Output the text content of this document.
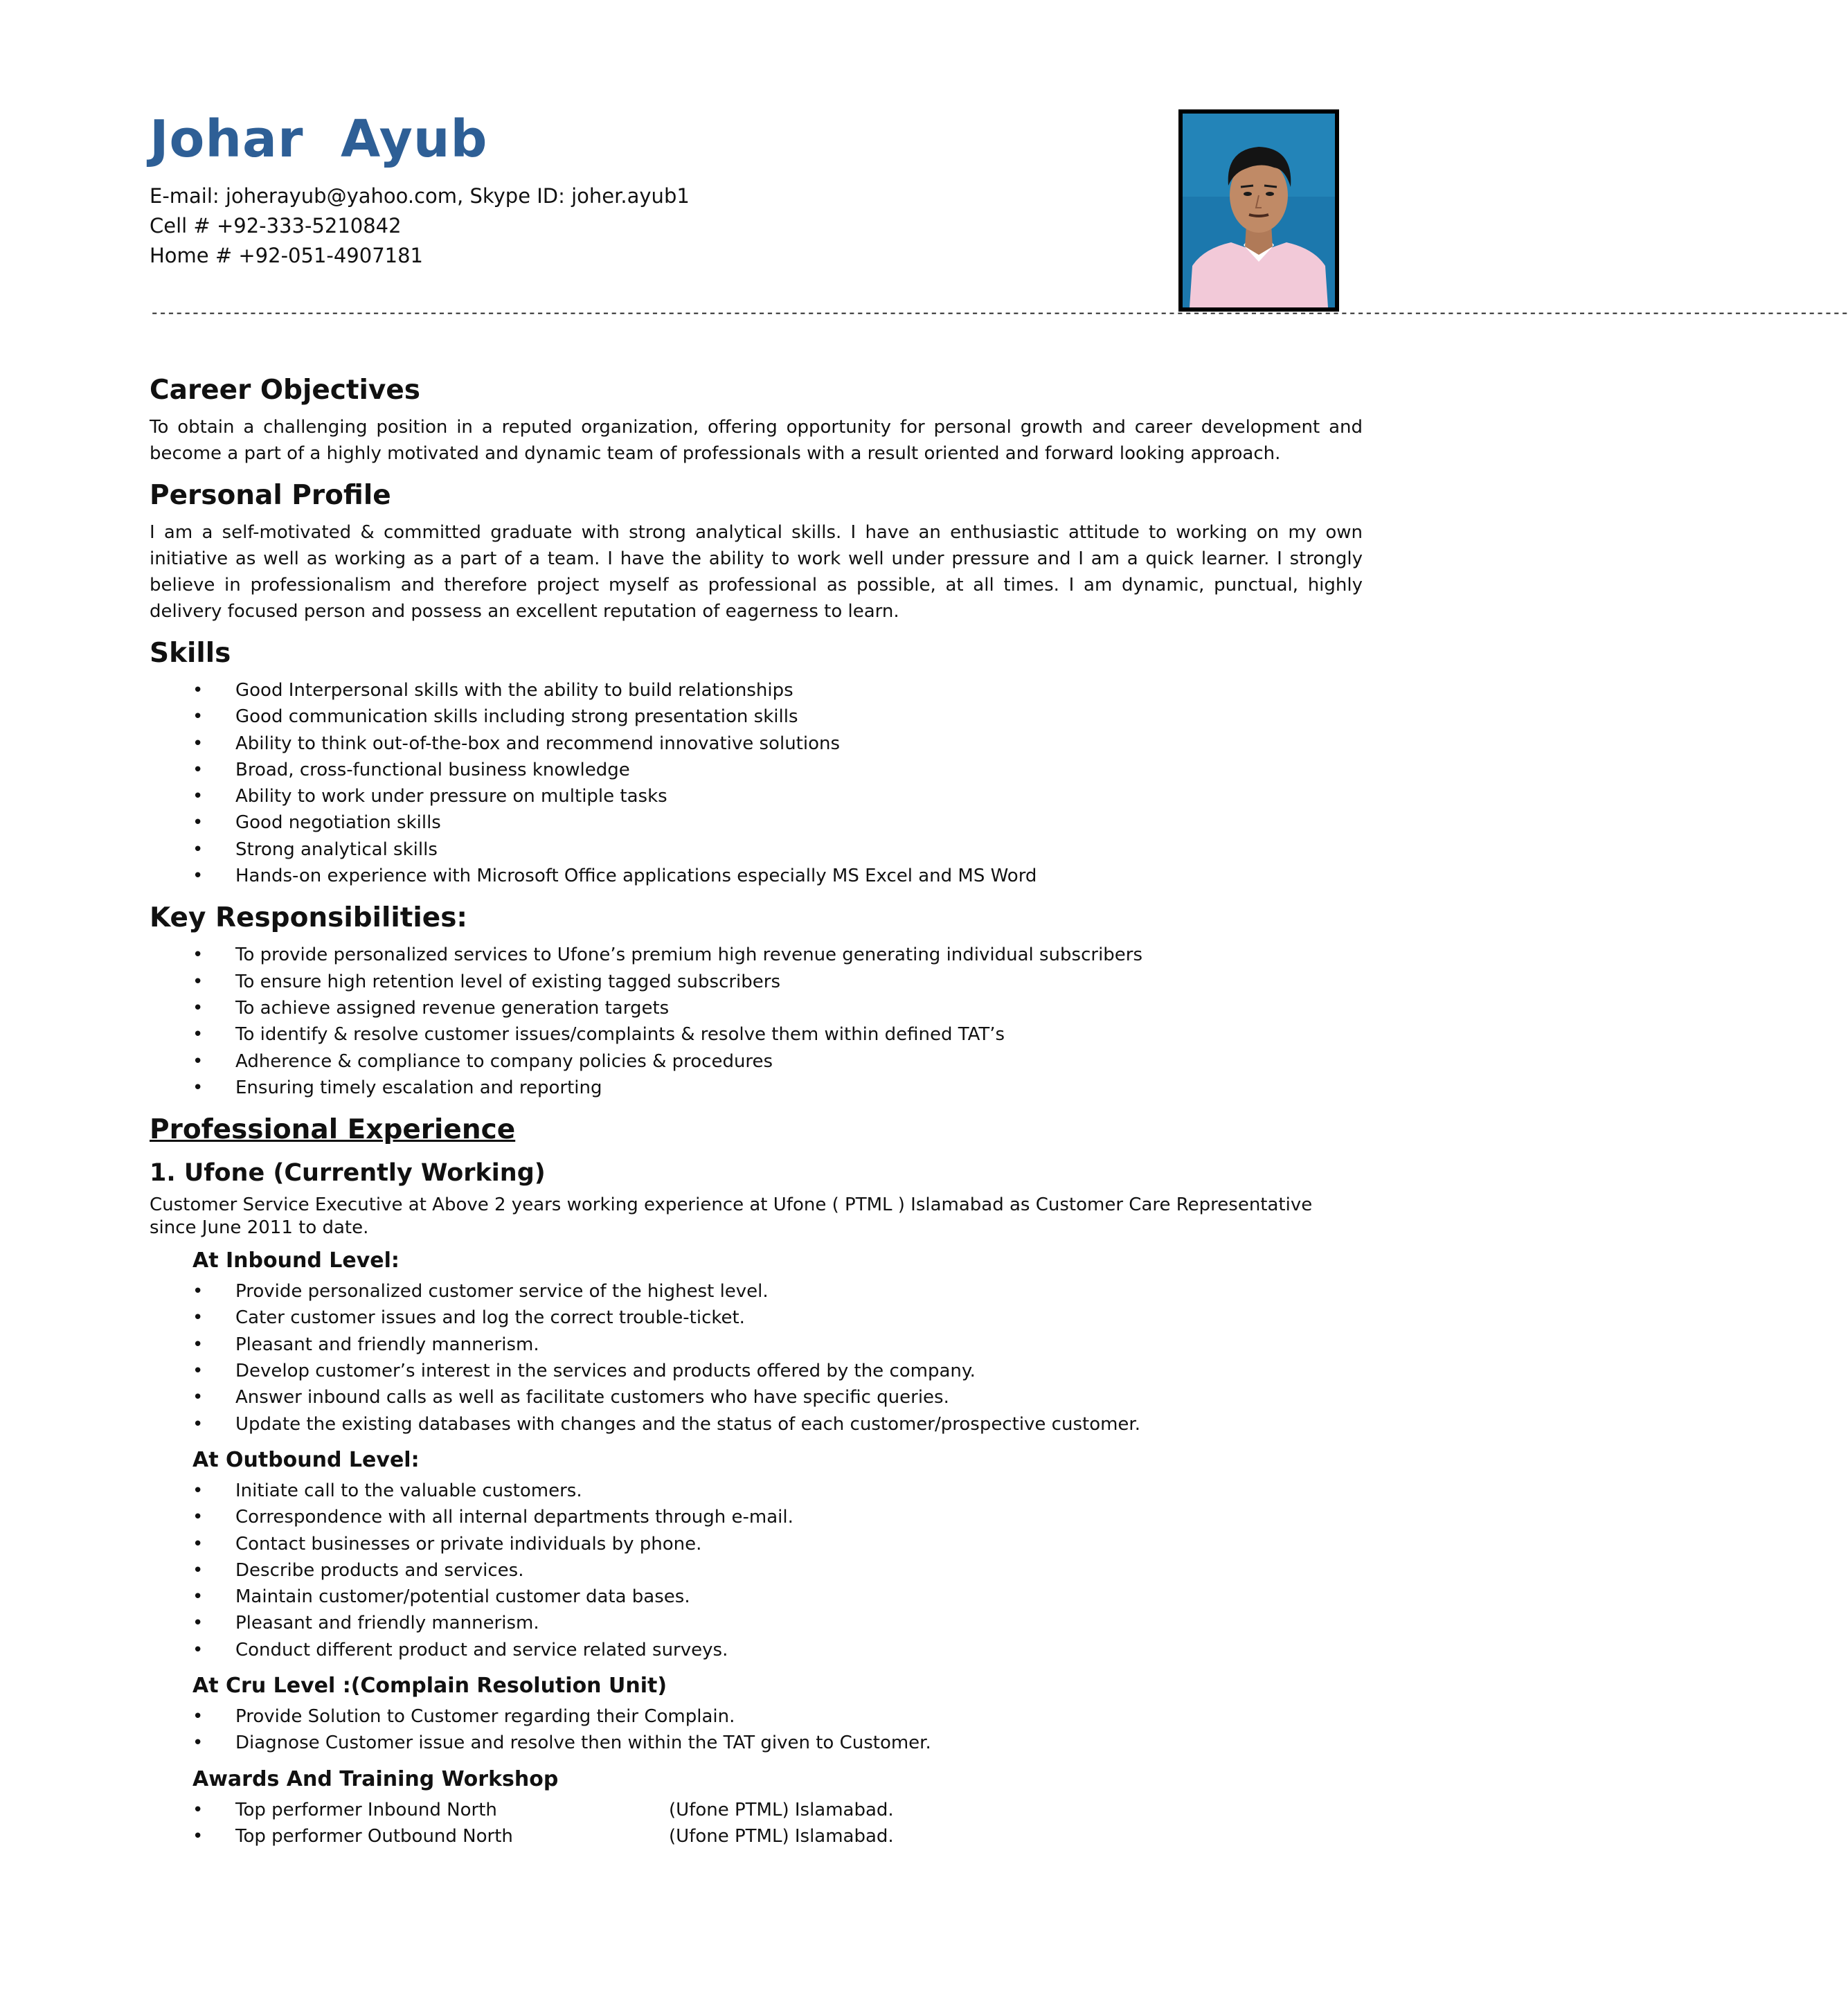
Johar  Ayub
E-mail: joherayub@yahoo.com, Skype ID: joher.ayub1
Cell # +92-333-5210842
Home # +92-051-4907181
---------------------------------------------------------------------------------------------------------------------------------------------------------------------------------------------------------------
Career Objectives

To obtain a challenging position in a reputed organization, offering opportunity for personal growth and career development and become a part of a highly motivated and dynamic team of professionals with a result oriented and forward looking approach.

Personal Profile

I am a self-motivated & committed graduate with strong analytical skills. I have an enthusiastic attitude to working on my own initiative as well as working as a part of a team. I have the ability to work well under pressure and I am a quick learner. I strongly believe in professionalism and therefore project myself as professional as possible, at all times. I am dynamic, punctual, highly delivery focused person and possess an excellent reputation of eagerness to learn.

Skills
• Good Interpersonal skills with the ability to build relationships
• Good communication skills including strong presentation skills
• Ability to think out-of-the-box and recommend innovative solutions
• Broad, cross-functional business knowledge
• Ability to work under pressure on multiple tasks
• Good negotiation skills
• Strong analytical skills
• Hands-on experience with Microsoft Office applications especially MS Excel and MS Word
Key Responsibilities:
• To provide personalized services to Ufone’s premium high revenue generating individual subscribers
• To ensure high retention level of existing tagged subscribers
• To achieve assigned revenue generation targets
• To identify & resolve customer issues/complaints & resolve them within defined TAT’s
• Adherence & compliance to company policies & procedures
• Ensuring timely escalation and reporting
Professional Experience
1. Ufone (Currently Working)

Customer Service Executive at Above 2 years working experience at Ufone ( PTML ) Islamabad as Customer Care Representative since June 2011 to date.

At Inbound Level:
• Provide personalized customer service of the highest level.
• Cater customer issues and log the correct trouble-ticket.
• Pleasant and friendly mannerism.
• Develop customer’s interest in the services and products offered by the company.
• Answer inbound calls as well as facilitate customers who have specific queries.
• Update the existing databases with changes and the status of each customer/prospective customer.
At Outbound Level:
• Initiate call to the valuable customers.
• Correspondence with all internal departments through e-mail.
• Contact businesses or private individuals by phone.
• Describe products and services.
• Maintain customer/potential customer data bases.
• Pleasant and friendly mannerism.
• Conduct different product and service related surveys.
At Cru Level :(Complain Resolution Unit)
• Provide Solution to Customer regarding their Complain.
• Diagnose Customer issue and resolve then within the TAT given to Customer.
Awards And Training Workshop
• Top performer Inbound North	(Ufone PTML) Islamabad.
• Top performer Outbound North	(Ufone PTML) Islamabad.
